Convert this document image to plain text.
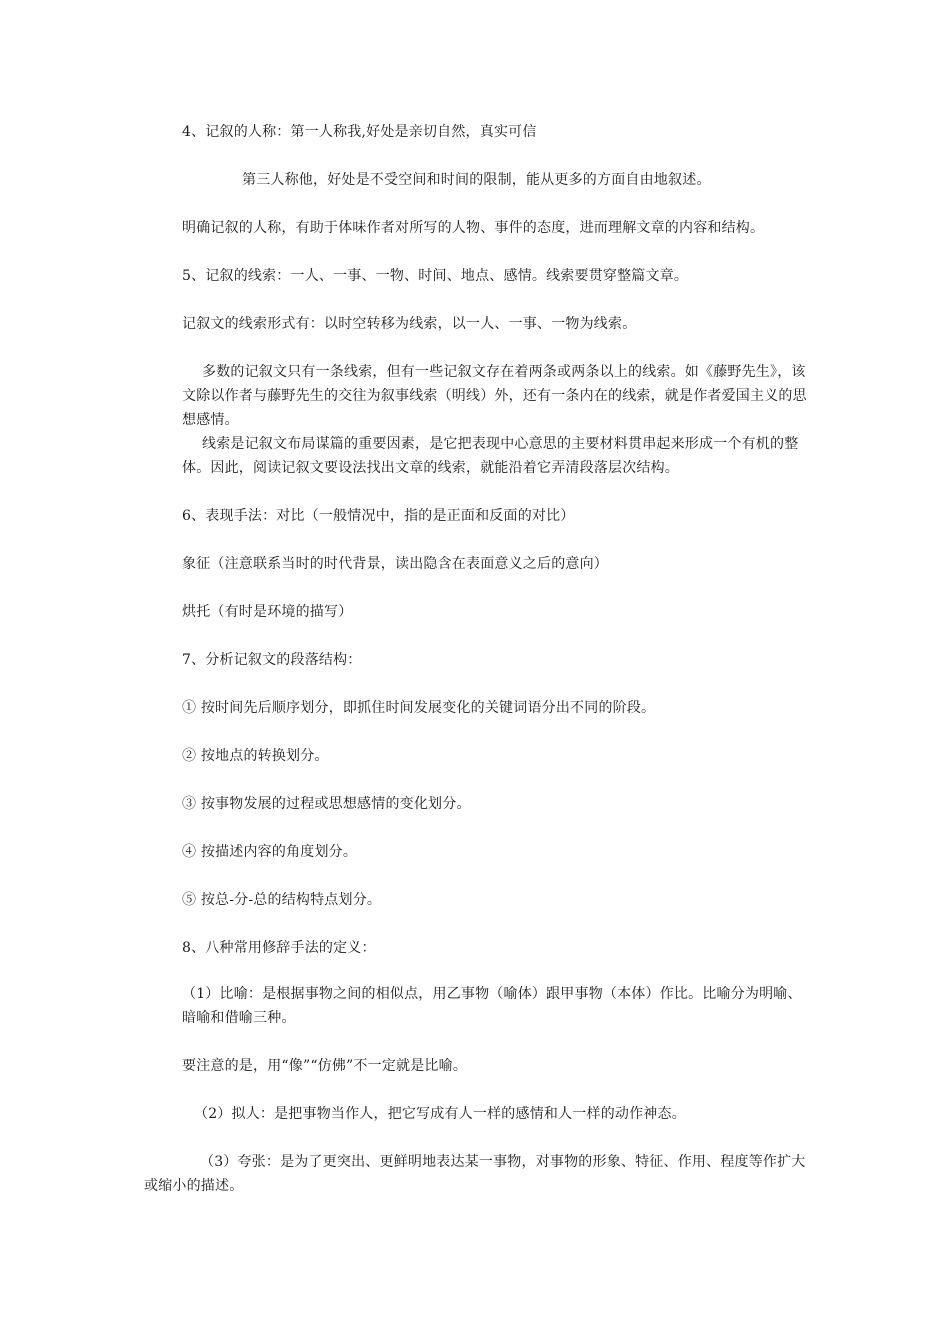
4、记叙的人称：第一人称我,好处是亲切自然，真实可信
第三人称他，好处是不受空间和时间的限制，能从更多的方面自由地叙述。
明确记叙的人称，有助于体味作者对所写的人物、事件的态度，进而理解文章的内容和结构。
5、记叙的线索：一人、一事、一物、时间、地点、感情。线索要贯穿整篇文章。
记叙文的线索形式有：以时空转移为线索，以一人、一事、一物为线索。
多数的记叙文只有一条线索，但有一些记叙文存在着两条或两条以上的线索。如《藤野先生》，该文除以作者与藤野先生的交往为叙事线索（明线）外，还有一条内在的线索，就是作者爱国主义的思想感情。
线索是记叙文布局谋篇的重要因素，是它把表现中心意思的主要材料贯串起来形成一个有机的整体。因此，阅读记叙文要设法找出文章的线索，就能沿着它弄清段落层次结构。
6、表现手法：对比（一般情况中，指的是正面和反面的对比）
象征（注意联系当时的时代背景，读出隐含在表面意义之后的意向）
烘托（有时是环境的描写）
7、分析记叙文的段落结构：
① 按时间先后顺序划分，即抓住时间发展变化的关键词语分出不同的阶段。
② 按地点的转换划分。
③ 按事物发展的过程或思想感情的变化划分。
④ 按描述内容的角度划分。
⑤ 按总-分-总的结构特点划分。
8、八种常用修辞手法的定义：
（1）比喻：是根据事物之间的相似点，用乙事物（喻体）跟甲事物（本体）作比。比喻分为明喻、暗喻和借喻三种。
要注意的是，用“像”“仿佛”不一定就是比喻。
（2）拟人：是把事物当作人，把它写成有人一样的感情和人一样的动作神态。
（3）夸张：是为了更突出、更鲜明地表达某一事物，对事物的形象、特征、作用、程度等作扩大或缩小的描述。
